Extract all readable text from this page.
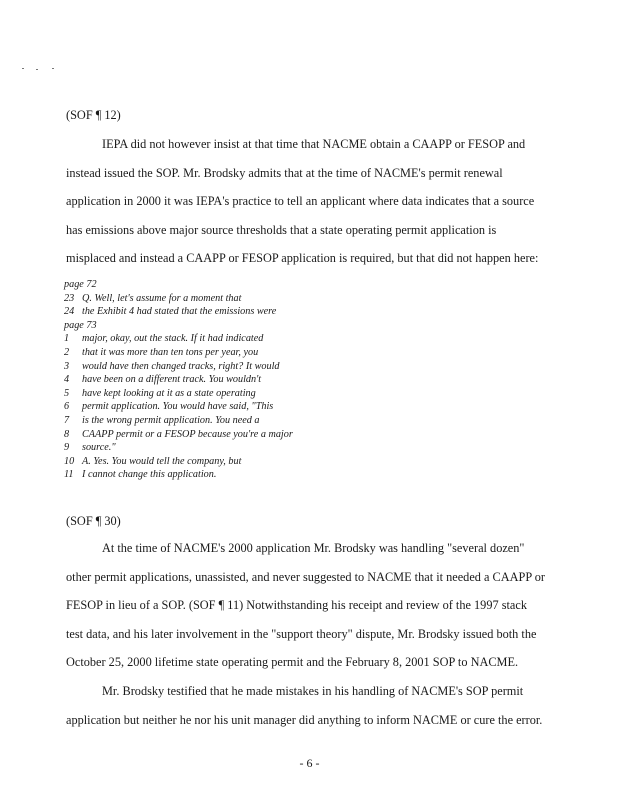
(SOF ¶ 12)
IEPA did not however insist at that time that NACME obtain a CAAPP or FESOP and
instead issued the SOP. Mr. Brodsky admits that at the time of NACME's permit renewal
application in 2000 it was IEPA's practice to tell an applicant where data indicates that a source
has emissions above major source thresholds that a state operating permit application is
misplaced and instead a CAAPP or FESOP application is required, but that did not happen here:
page 72
23 Q. Well, let's assume for a moment that
24 the Exhibit 4 had stated that the emissions were
page 73
1	major, okay, out the stack. If it had indicated
2	that it was more than ten tons per year, you
3	would have then changed tracks, right? It would
4	have been on a different track. You wouldn't
5	have kept looking at it as a state operating
6	permit application. You would have said, "This
7	is the wrong permit application. You need a
8	CAAPP permit or a FESOP because you're a major
9	source."
10 A. Yes. You would tell the company, but
11 I cannot change this application.
(SOF ¶ 30)
At the time of NACME's 2000 application Mr. Brodsky was handling "several dozen"
other permit applications, unassisted, and never suggested to NACME that it needed a CAAPP or
FESOP in lieu of a SOP. (SOF ¶ 11) Notwithstanding his receipt and review of the 1997 stack
test data, and his later involvement in the "support theory" dispute, Mr. Brodsky issued both the
October 25, 2000 lifetime state operating permit and the February 8, 2001 SOP to NACME.
Mr. Brodsky testified that he made mistakes in his handling of NACME's SOP permit
application but neither he nor his unit manager did anything to inform NACME or cure the error.
- 6 -
